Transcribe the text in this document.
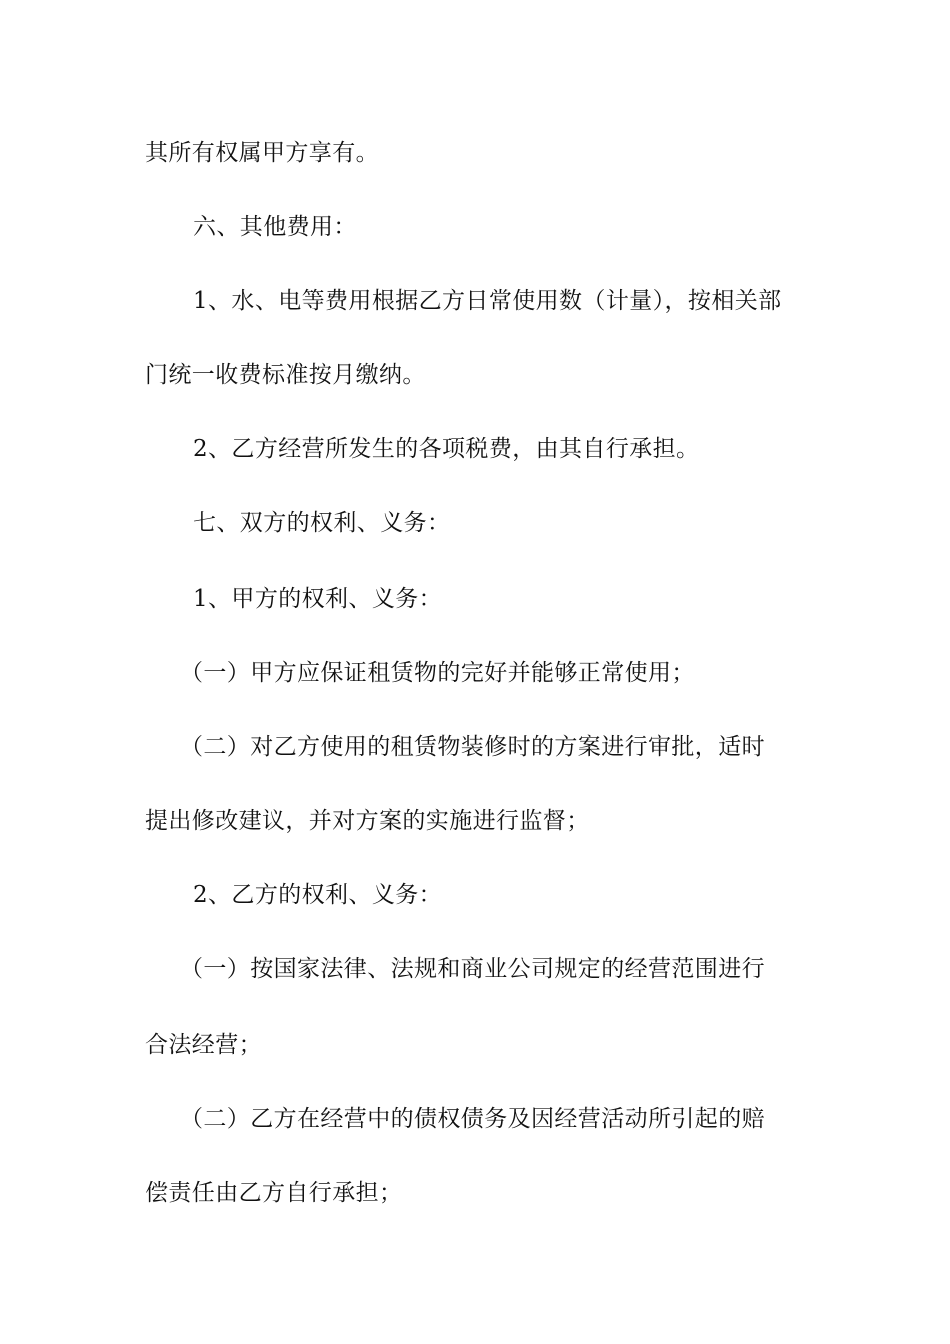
其所有权属甲方享有。
六、其他费用：
1、水、电等费用根据乙方日常使用数（计量），按相关部
门统一收费标准按月缴纳。
2、乙方经营所发生的各项税费，由其自行承担。
七、双方的权利、义务：
1、甲方的权利、义务：
（一）甲方应保证租赁物的完好并能够正常使用；
（二）对乙方使用的租赁物装修时的方案进行审批，适时
提出修改建议，并对方案的实施进行监督；
2、乙方的权利、义务：
（一）按国家法律、法规和商业公司规定的经营范围进行
合法经营；
（二）乙方在经营中的债权债务及因经营活动所引起的赔
偿责任由乙方自行承担；
